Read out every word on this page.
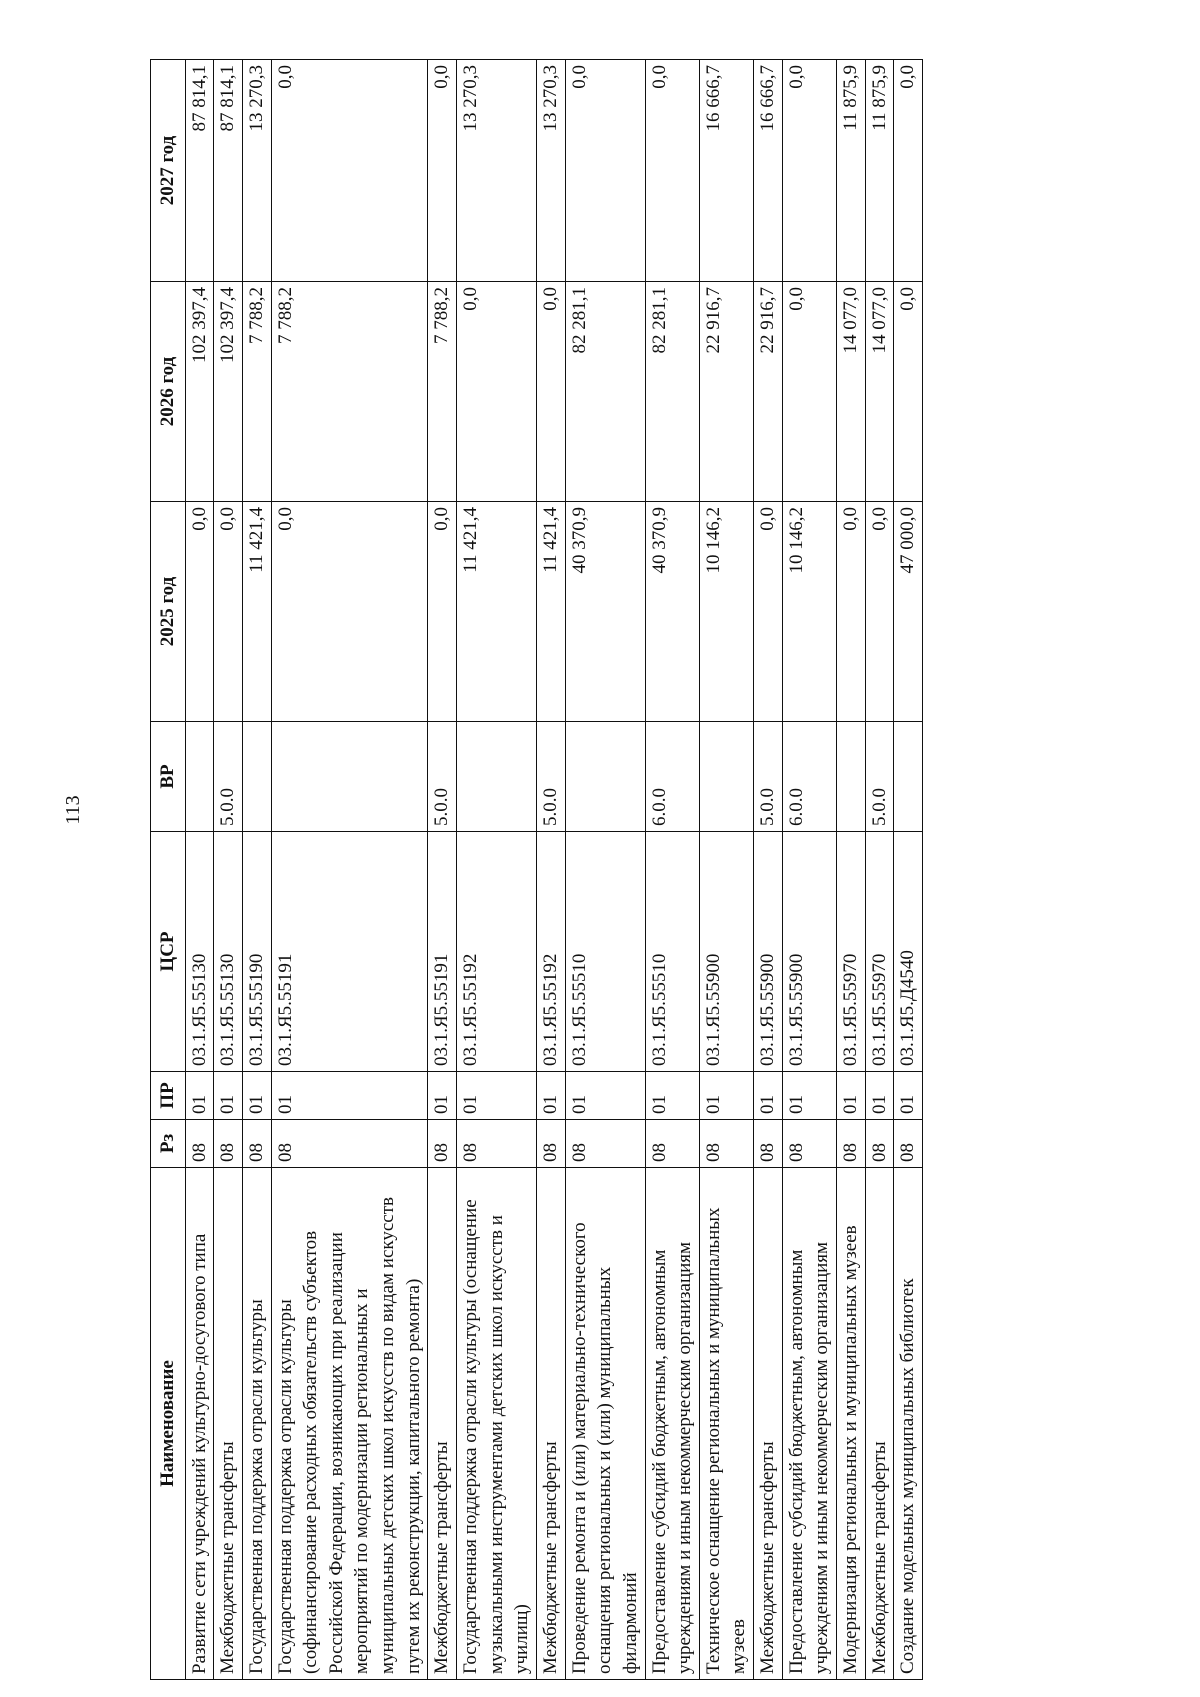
113
Наименование	Рз	ПР	ЦСР	ВР	2025 год	2026 год	2027 год
Развитие сети учреждений культурно-досугового типа	08	01	03.1.Я5.55130		0,0	102 397,4	87 814,1
Межбюджетные трансферты	08	01	03.1.Я5.55130	5.0.0	0,0	102 397,4	87 814,1
Государственная поддержка отрасли культуры	08	01	03.1.Я5.55190		11 421,4	7 788,2	13 270,3
Государственная поддержка отрасли культуры (софинансирование расходных обязательств субъектов Российской Федерации, возникающих при реализации мероприятий по модернизации региональных и муниципальных детских школ искусств по видам искусств путем их реконструкции, капитального ремонта)	08	01	03.1.Я5.55191		0,0	7 788,2	0,0
Межбюджетные трансферты	08	01	03.1.Я5.55191	5.0.0	0,0	7 788,2	0,0
Государственная поддержка отрасли культуры (оснащение музыкальными инструментами детских школ искусств и училищ)	08	01	03.1.Я5.55192		11 421,4	0,0	13 270,3
Межбюджетные трансферты	08	01	03.1.Я5.55192	5.0.0	11 421,4	0,0	13 270,3
Проведение ремонта и (или) материально-технического оснащения региональных и (или) муниципальных филармоний	08	01	03.1.Я5.55510		40 370,9	82 281,1	0,0
Предоставление субсидий бюджетным, автономным учреждениям и иным некоммерческим организациям	08	01	03.1.Я5.55510	6.0.0	40 370,9	82 281,1	0,0
Техническое оснащение региональных и муниципальных музеев	08	01	03.1.Я5.55900		10 146,2	22 916,7	16 666,7
Межбюджетные трансферты	08	01	03.1.Я5.55900	5.0.0	0,0	22 916,7	16 666,7
Предоставление субсидий бюджетным, автономным учреждениям и иным некоммерческим организациям	08	01	03.1.Я5.55900	6.0.0	10 146,2	0,0	0,0
Модернизация региональных и муниципальных музеев	08	01	03.1.Я5.55970		0,0	14 077,0	11 875,9
Межбюджетные трансферты	08	01	03.1.Я5.55970	5.0.0	0,0	14 077,0	11 875,9
Создание модельных муниципальных библиотек	08	01	03.1.Я5.Д4540		47 000,0	0,0	0,0
